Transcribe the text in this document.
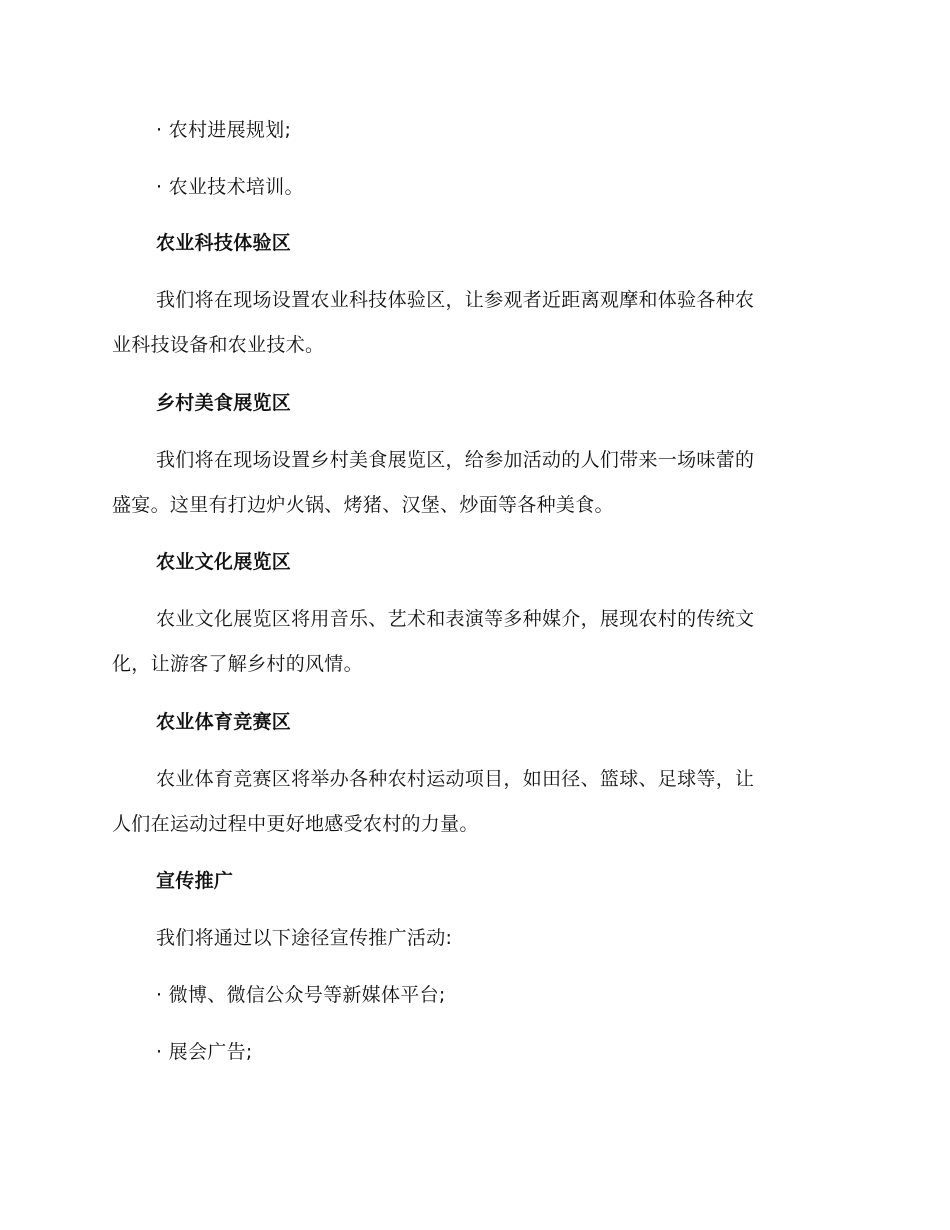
· 农村进展规划;
· 农业技术培训。
农业科技体验区
我们将在现场设置农业科技体验区，让参观者近距离观摩和体验各种农
业科技设备和农业技术。
乡村美食展览区
我们将在现场设置乡村美食展览区，给参加活动的人们带来一场味蕾的
盛宴。这里有打边炉火锅、烤猪、汉堡、炒面等各种美食。
农业文化展览区
农业文化展览区将用音乐、艺术和表演等多种媒介，展现农村的传统文
化，让游客了解乡村的风情。
农业体育竞赛区
农业体育竞赛区将举办各种农村运动项目，如田径、篮球、足球等，让
人们在运动过程中更好地感受农村的力量。
宣传推广
我们将通过以下途径宣传推广活动:
· 微博、微信公众号等新媒体平台;
· 展会广告;
